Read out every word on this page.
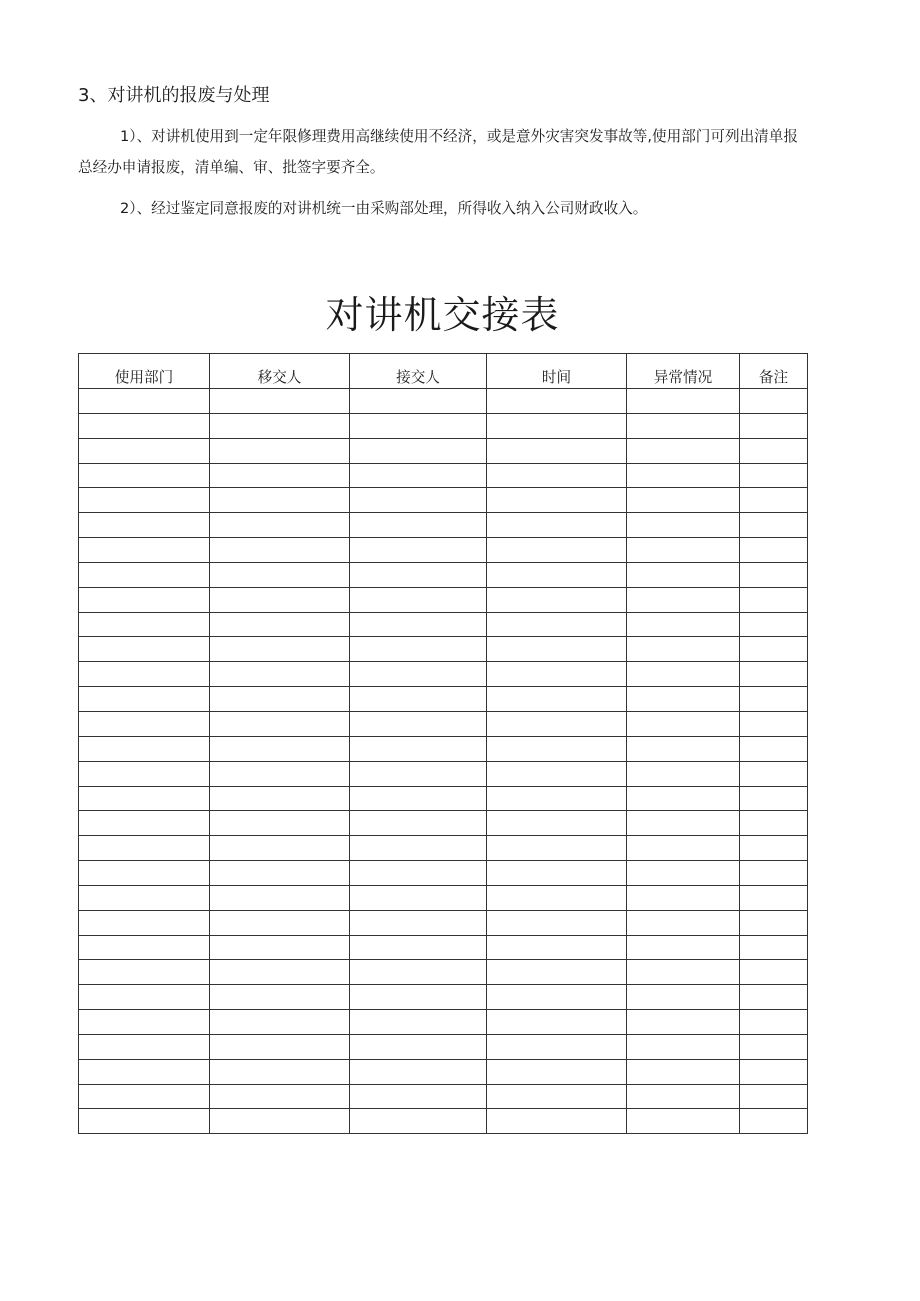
3、对讲机的报废与处理

1）、对讲机使用到一定年限修理费用高继续使用不经济，或是意外灾害突发事故等,使用部门可列出清单报总经办申请报废，清单编、审、批签字要齐全。

2）、经过鉴定同意报废的对讲机统一由采购部处理，所得收入纳入公司财政收入。

对讲机交接表
使用部门	移交人	接交人	时间	异常情况	备注
